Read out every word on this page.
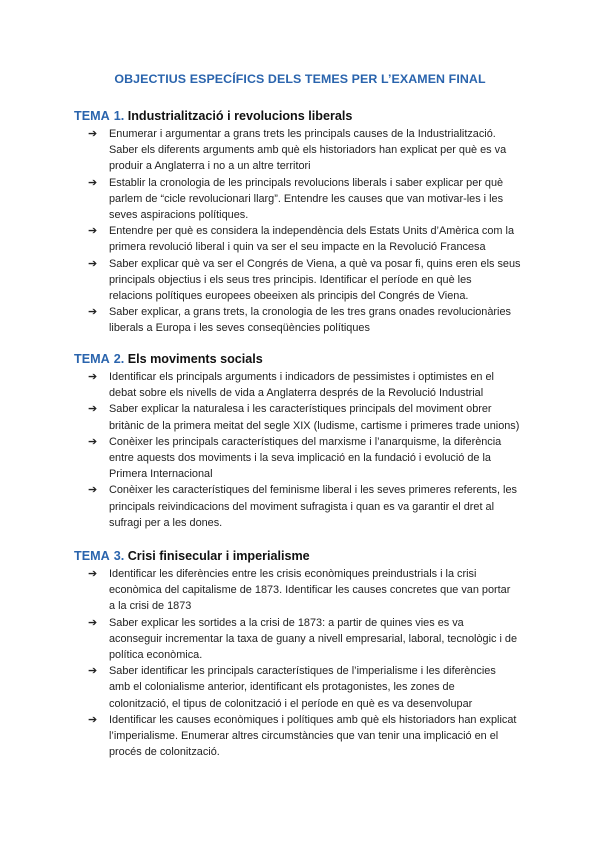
OBJECTIUS ESPECÍFICS DELS TEMES PER L’EXAMEN FINAL
TEMA 1. Industrialització i revolucions liberals
➔ Enumerar i argumentar a grans trets les principals causes de la Industrialització.
Saber els diferents arguments amb què els historiadors han explicat per què es va
produir a Anglaterra i no a un altre territori
➔ Establir la cronologia de les principals revolucions liberals i saber explicar per què
parlem de “cicle revolucionari llarg”. Entendre les causes que van motivar-les i les
seves aspiracions polítiques.
➔ Entendre per què es considera la independència dels Estats Units d’Amèrica com la
primera revolució liberal i quin va ser el seu impacte en la Revolució Francesa
➔ Saber explicar què va ser el Congrés de Viena, a què va posar fi, quins eren els seus
principals objectius i els seus tres principis. Identificar el període en què les
relacions polítiques europees obeeixen als principis del Congrés de Viena.
➔ Saber explicar, a grans trets, la cronologia de les tres grans onades revolucionàries
liberals a Europa i les seves conseqüències polítiques
TEMA 2. Els moviments socials
➔ Identificar els principals arguments i indicadors de pessimistes i optimistes en el
debat sobre els nivells de vida a Anglaterra després de la Revolució Industrial
➔ Saber explicar la naturalesa i les característiques principals del moviment obrer
britànic de la primera meitat del segle XIX (ludisme, cartisme i primeres trade unions)
➔ Conèixer les principals característiques del marxisme i l’anarquisme, la diferència
entre aquests dos moviments i la seva implicació en la fundació i evolució de la
Primera Internacional
➔ Conèixer les característiques del feminisme liberal i les seves primeres referents, les
principals reivindicacions del moviment sufragista i quan es va garantir el dret al
sufragi per a les dones.
TEMA 3. Crisi finisecular i imperialisme
➔ Identificar les diferències entre les crisis econòmiques preindustrials i la crisi
econòmica del capitalisme de 1873. Identificar les causes concretes que van portar
a la crisi de 1873
➔ Saber explicar les sortides a la crisi de 1873: a partir de quines vies es va
aconseguir incrementar la taxa de guany a nivell empresarial, laboral, tecnològic i de
política econòmica.
➔ Saber identificar les principals característiques de l’imperialisme i les diferències
amb el colonialisme anterior, identificant els protagonistes, les zones de
colonització, el tipus de colonització i el període en què es va desenvolupar
➔ Identificar les causes econòmiques i polítiques amb què els historiadors han explicat
l’imperialisme. Enumerar altres circumstàncies que van tenir una implicació en el
procés de colonització.
